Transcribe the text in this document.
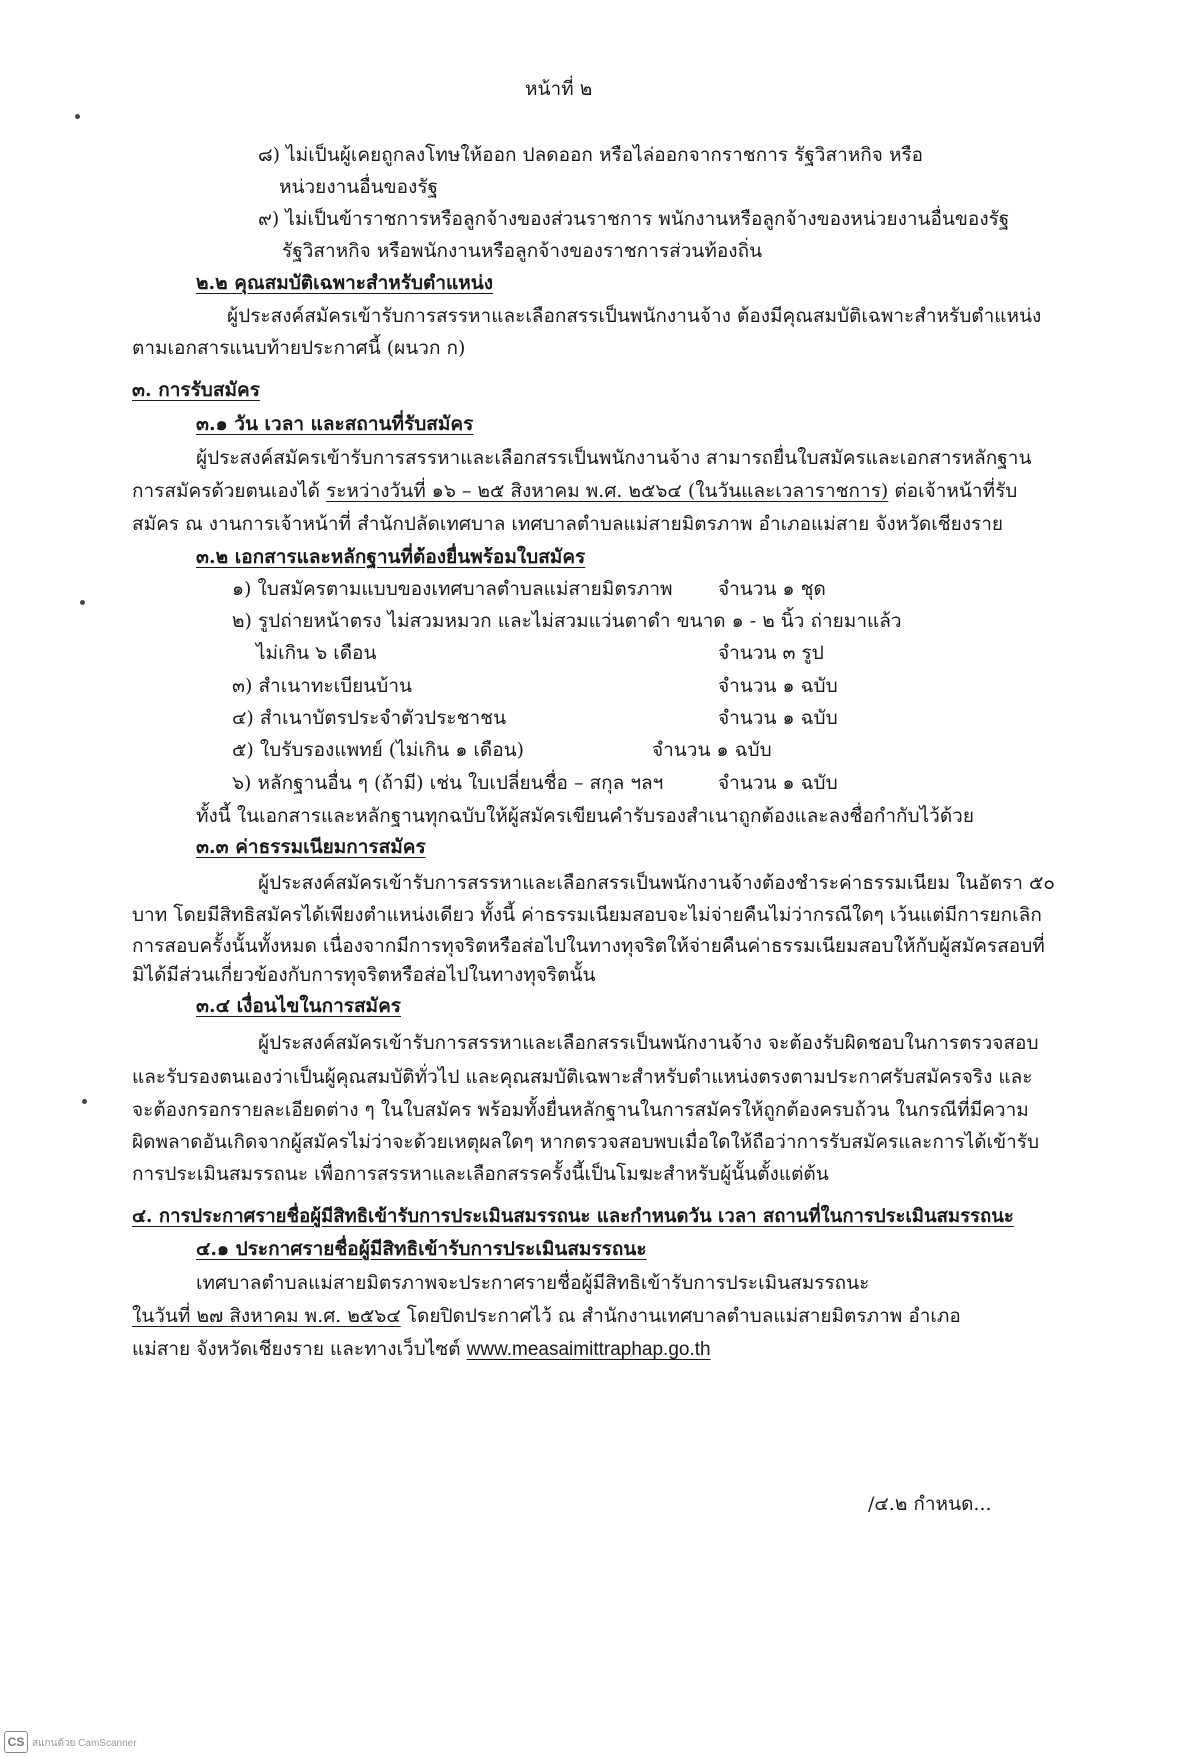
หน้าที่ ๒
๘) ไม่เป็นผู้เคยถูกลงโทษให้ออก ปลดออก หรือไล่ออกจากราชการ รัฐวิสาหกิจ หรือ
หน่วยงานอื่นของรัฐ
๙) ไม่เป็นข้าราชการหรือลูกจ้างของส่วนราชการ พนักงานหรือลูกจ้างของหน่วยงานอื่นของรัฐ
รัฐวิสาหกิจ หรือพนักงานหรือลูกจ้างของราชการส่วนท้องถิ่น
๒.๒ คุณสมบัติเฉพาะสำหรับตำแหน่ง
ผู้ประสงค์สมัครเข้ารับการสรรหาและเลือกสรรเป็นพนักงานจ้าง ต้องมีคุณสมบัติเฉพาะสำหรับตำแหน่ง
ตามเอกสารแนบท้ายประกาศนี้ (ผนวก ก)
๓. การรับสมัคร
๓.๑ วัน เวลา และสถานที่รับสมัคร
ผู้ประสงค์สมัครเข้ารับการสรรหาและเลือกสรรเป็นพนักงานจ้าง สามารถยื่นใบสมัครและเอกสารหลักฐาน
การสมัครด้วยตนเองได้ ระหว่างวันที่ ๑๖ – ๒๕ สิงหาคม พ.ศ. ๒๕๖๔ (ในวันและเวลาราชการ) ต่อเจ้าหน้าที่รับ
สมัคร ณ งานการเจ้าหน้าที่ สำนักปลัดเทศบาล เทศบาลตำบลแม่สายมิตรภาพ อำเภอแม่สาย จังหวัดเชียงราย
๓.๒ เอกสารและหลักฐานที่ต้องยื่นพร้อมใบสมัคร
๑) ใบสมัครตามแบบของเทศบาลตำบลแม่สายมิตรภาพ จำนวน ๑ ชุด
๒) รูปถ่ายหน้าตรง ไม่สวมหมวก และไม่สวมแว่นตาดำ ขนาด ๑ - ๒ นิ้ว ถ่ายมาแล้ว
ไม่เกิน ๖ เดือน	จำนวน ๓ รูป
๓) สำเนาทะเบียนบ้าน	จำนวน ๑ ฉบับ
๔) สำเนาบัตรประจำตัวประชาชน	จำนวน ๑ ฉบับ
๕) ใบรับรองแพทย์ (ไม่เกิน ๑ เดือน)	จำนวน ๑ ฉบับ
๖) หลักฐานอื่น ๆ (ถ้ามี) เช่น ใบเปลี่ยนชื่อ – สกุล ฯลฯ	จำนวน ๑ ฉบับ
ทั้งนี้ ในเอกสารและหลักฐานทุกฉบับให้ผู้สมัครเขียนคำรับรองสำเนาถูกต้องและลงชื่อกำกับไว้ด้วย
๓.๓ ค่าธรรมเนียมการสมัคร
ผู้ประสงค์สมัครเข้ารับการสรรหาและเลือกสรรเป็นพนักงานจ้างต้องชำระค่าธรรมเนียม ในอัตรา ๕๐
บาท โดยมีสิทธิสมัครได้เพียงตำแหน่งเดียว ทั้งนี้ ค่าธรรมเนียมสอบจะไม่จ่ายคืนไม่ว่ากรณีใดๆ เว้นแต่มีการยกเลิก
การสอบครั้งนั้นทั้งหมด เนื่องจากมีการทุจริตหรือส่อไปในทางทุจริตให้จ่ายคืนค่าธรรมเนียมสอบให้กับผู้สมัครสอบที่
มิได้มีส่วนเกี่ยวข้องกับการทุจริตหรือส่อไปในทางทุจริตนั้น
๓.๔ เงื่อนไขในการสมัคร
ผู้ประสงค์สมัครเข้ารับการสรรหาและเลือกสรรเป็นพนักงานจ้าง จะต้องรับผิดชอบในการตรวจสอบ
และรับรองตนเองว่าเป็นผู้คุณสมบัติทั่วไป และคุณสมบัติเฉพาะสำหรับตำแหน่งตรงตามประกาศรับสมัครจริง และ
จะต้องกรอกรายละเอียดต่าง ๆ ในใบสมัคร พร้อมทั้งยื่นหลักฐานในการสมัครให้ถูกต้องครบถ้วน ในกรณีที่มีความ
ผิดพลาดอันเกิดจากผู้สมัครไม่ว่าจะด้วยเหตุผลใดๆ หากตรวจสอบพบเมื่อใดให้ถือว่าการรับสมัครและการได้เข้ารับ
การประเมินสมรรถนะ เพื่อการสรรหาและเลือกสรรครั้งนี้เป็นโมฆะสำหรับผู้นั้นตั้งแต่ต้น
๔. การประกาศรายชื่อผู้มีสิทธิเข้ารับการประเมินสมรรถนะ และกำหนดวัน เวลา สถานที่ในการประเมินสมรรถนะ
๔.๑ ประกาศรายชื่อผู้มีสิทธิเข้ารับการประเมินสมรรถนะ
เทศบาลตำบลแม่สายมิตรภาพจะประกาศรายชื่อผู้มีสิทธิเข้ารับการประเมินสมรรถนะ
ในวันที่ ๒๗ สิงหาคม พ.ศ. ๒๕๖๔ โดยปิดประกาศไว้ ณ สำนักงานเทศบาลตำบลแม่สายมิตรภาพ อำเภอ
แม่สาย จังหวัดเชียงราย และทางเว็บไซต์ www.measaimittraphap.go.th
/๔.๒ กำหนด...
CS สแกนด้วย CamScanner
